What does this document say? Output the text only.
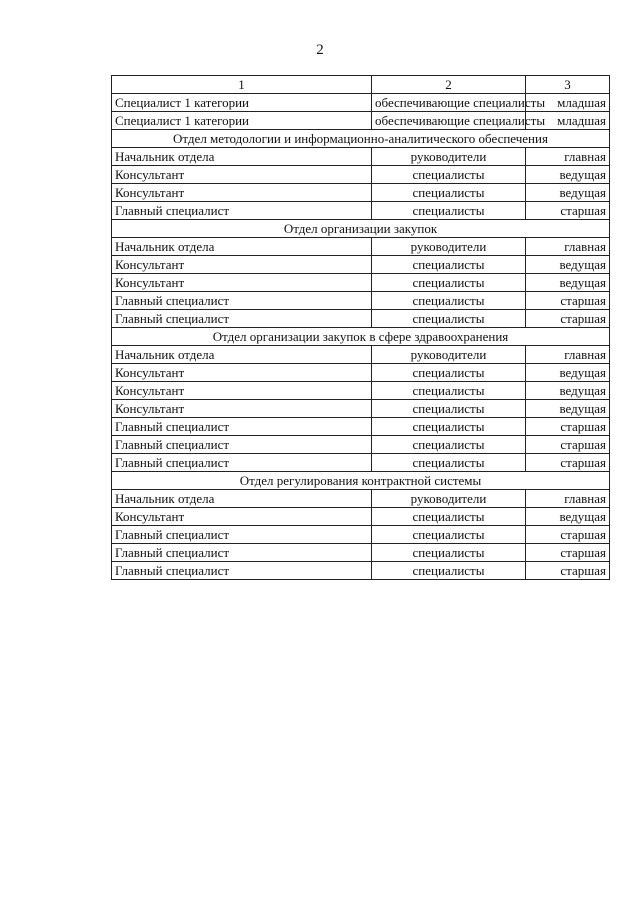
2
1	2	3
Специалист 1 категории	обеспечивающие специалисты	младшая
Специалист 1 категории	обеспечивающие специалисты	младшая
Отдел методологии и информационно-аналитического обеспечения		
Начальник отдела	руководители	главная
Консультант	специалисты	ведущая
Консультант	специалисты	ведущая
Главный специалист	специалисты	старшая
Отдел организации закупок		
Начальник отдела	руководители	главная
Консультант	специалисты	ведущая
Консультант	специалисты	ведущая
Главный специалист	специалисты	старшая
Главный специалист	специалисты	старшая
Отдел организации закупок в сфере здравоохранения		
Начальник отдела	руководители	главная
Консультант	специалисты	ведущая
Консультант	специалисты	ведущая
Консультант	специалисты	ведущая
Главный специалист	специалисты	старшая
Главный специалист	специалисты	старшая
Главный специалист	специалисты	старшая
Отдел регулирования контрактной системы		
Начальник отдела	руководители	главная
Консультант	специалисты	ведущая
Главный специалист	специалисты	старшая
Главный специалист	специалисты	старшая
Главный специалист	специалисты	старшая
